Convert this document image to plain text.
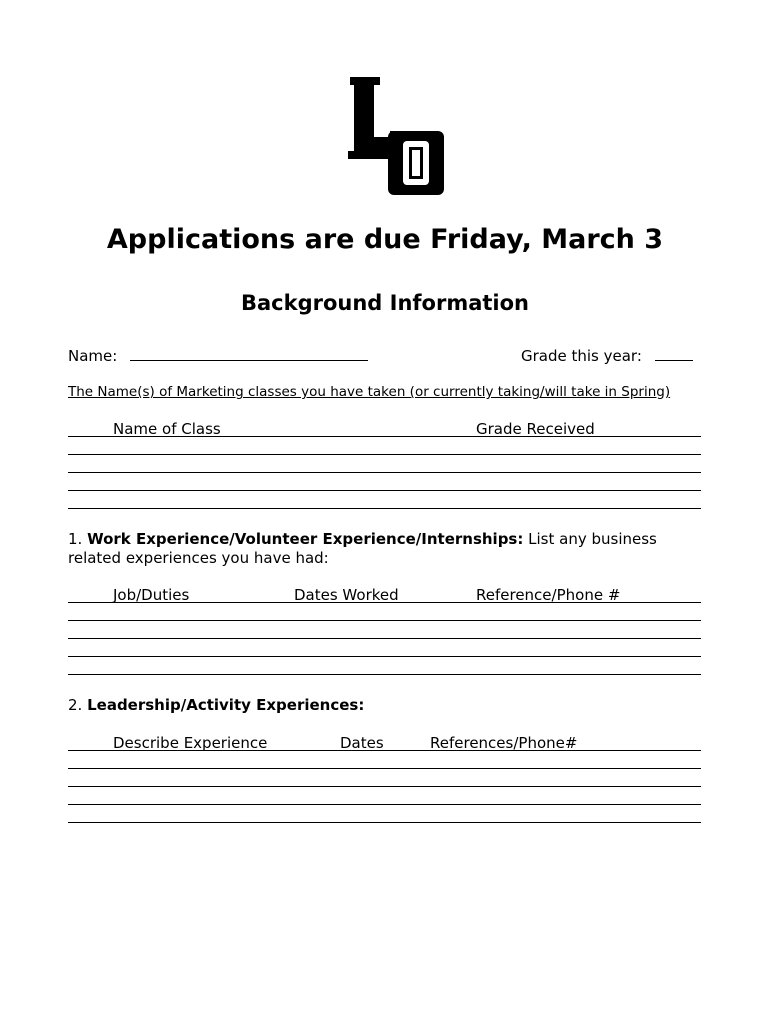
Applications are due Friday, March 3
Background Information
Name:	Grade this year:
The Name(s) of Marketing classes you have taken (or currently taking/will take in Spring)
Name of Class	Grade Received
1. Work Experience/Volunteer Experience/Internships: List any business related experiences you have had:
Job/Duties	Dates Worked	Reference/Phone #
2. Leadership/Activity Experiences:
Describe Experience	Dates	References/Phone#
